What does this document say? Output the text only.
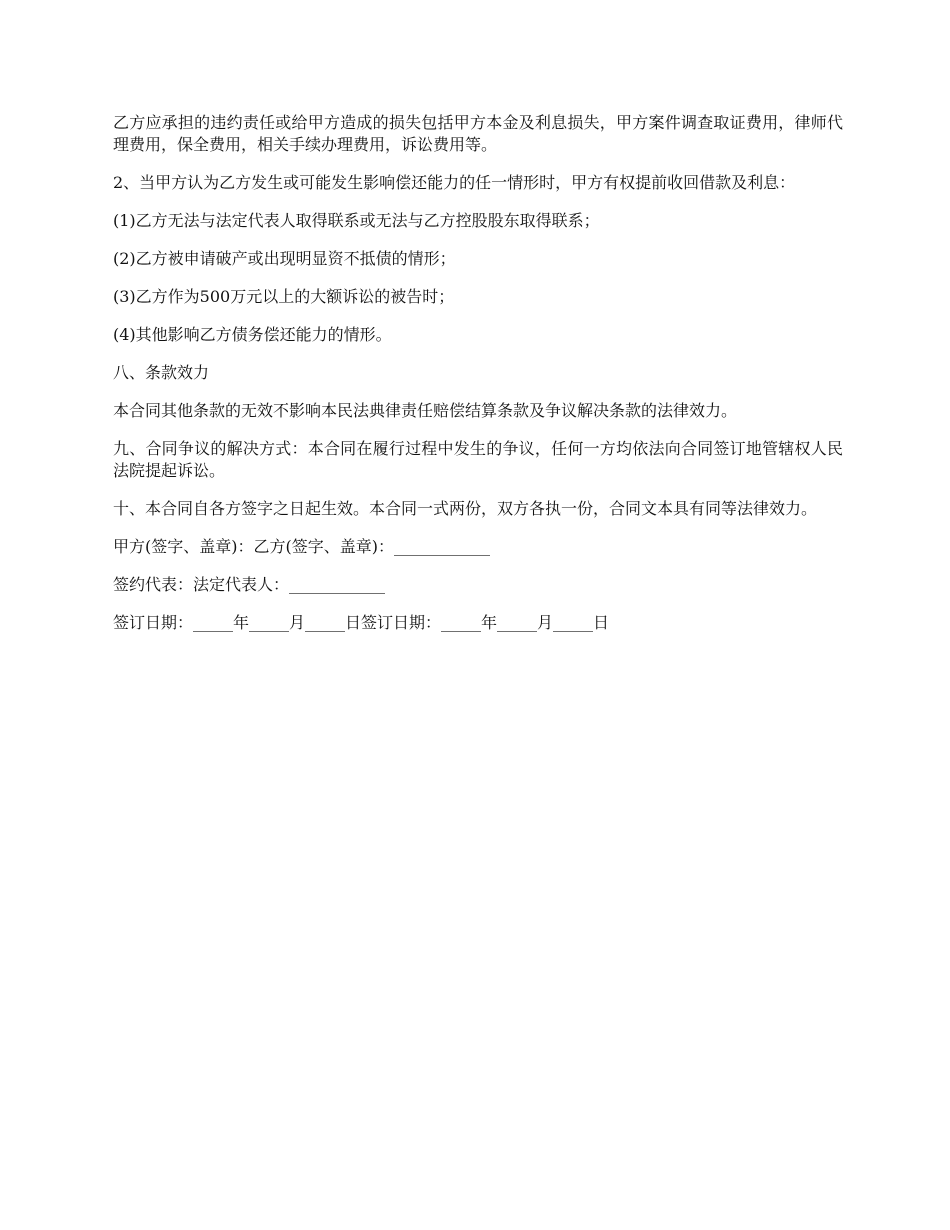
乙方应承担的违约责任或给甲方造成的损失包括甲方本金及利息损失，甲方案件调查取证费用，律师代理费用，保全费用，相关手续办理费用，诉讼费用等。

2、当甲方认为乙方发生或可能发生影响偿还能力的任一情形时，甲方有权提前收回借款及利息：

(1)乙方无法与法定代表人取得联系或无法与乙方控股股东取得联系；

(2)乙方被申请破产或出现明显资不抵债的情形；

(3)乙方作为500万元以上的大额诉讼的被告时；

(4)其他影响乙方债务偿还能力的情形。

八、条款效力

本合同其他条款的无效不影响本民法典律责任赔偿结算条款及争议解决条款的法律效力。

九、合同争议的解决方式：本合同在履行过程中发生的争议，任何一方均依法向合同签订地管辖权人民法院提起诉讼。

十、本合同自各方签字之日起生效。本合同一式两份，双方各执一份，合同文本具有同等法律效力。

甲方(签字、盖章)：乙方(签字、盖章)：____________

签约代表：法定代表人：____________

签订日期：_____年_____月_____日签订日期：_____年_____月_____日
